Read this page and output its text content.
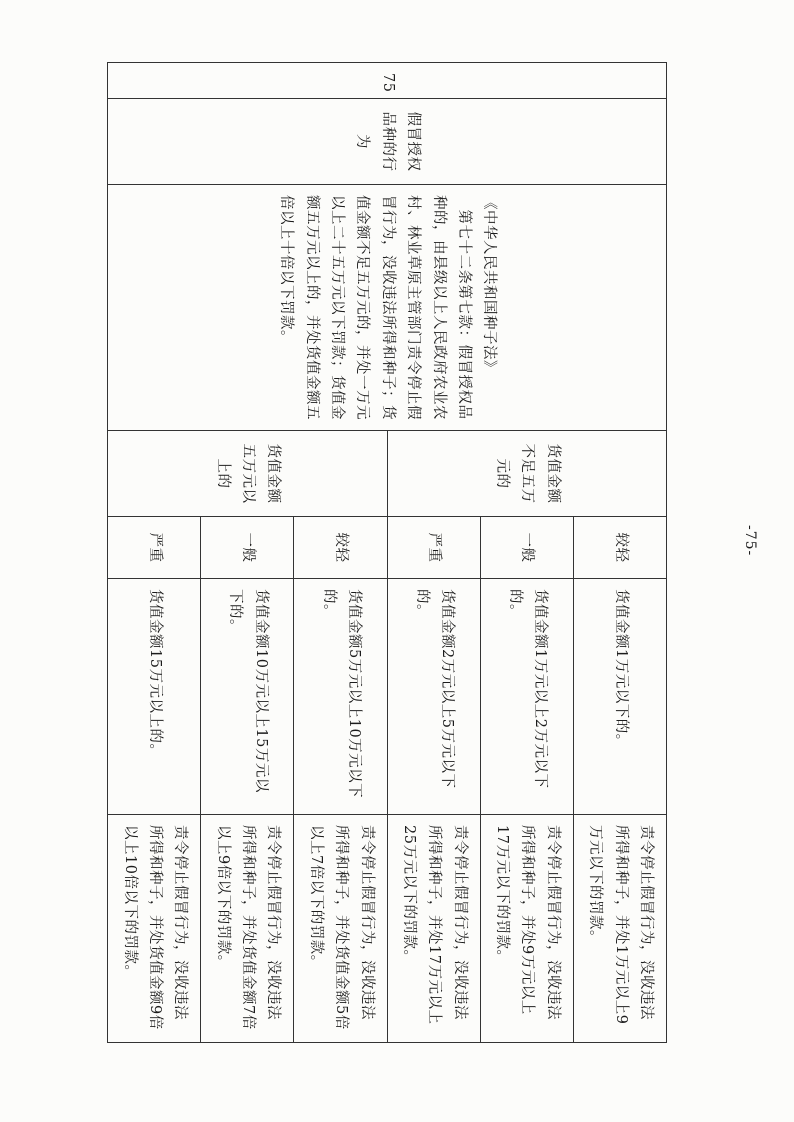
75	假冒授权品种的行为	《中华人民共和国种子法》
第七十二条第七款：假冒授权品种的，由县级以上人民政府农业农村、林业草原主管部门责令停止假冒行为，没收违法所得和种子；货值金额不足五万元的，并处一万元以上二十五万元以下罚款；货值金额五万元以上的，并处货值金额五倍以上十倍以下罚款。	货值金额不足五万元的	较轻	货值金额1万元以下的。	责令停止假冒行为，没收违法所得和种子，并处1万元以上9万元以下的罚款。
				一般	货值金额1万元以上2万元以下的。	责令停止假冒行为，没收违法所得和种子，并处9万元以上17万元以下的罚款。
				严重	货值金额2万元以上5万元以下的。	责令停止假冒行为，没收违法所得和种子，并处17万元以上25万元以下的罚款。
			货值金额五万元以上的	较轻	货值金额5万元以上10万元以下的。	责令停止假冒行为，没收违法所得和种子，并处货值金额5倍以上7倍以下的罚款。
				一般	货值金额10万元以上15万元以下的。	责令停止假冒行为，没收违法所得和种子，并处货值金额7倍以上9倍以下的罚款。
				严重	货值金额15万元以上的。	责令停止假冒行为，没收违法所得和种子，并处货值金额9倍以上10倍以下的罚款。
-75-
